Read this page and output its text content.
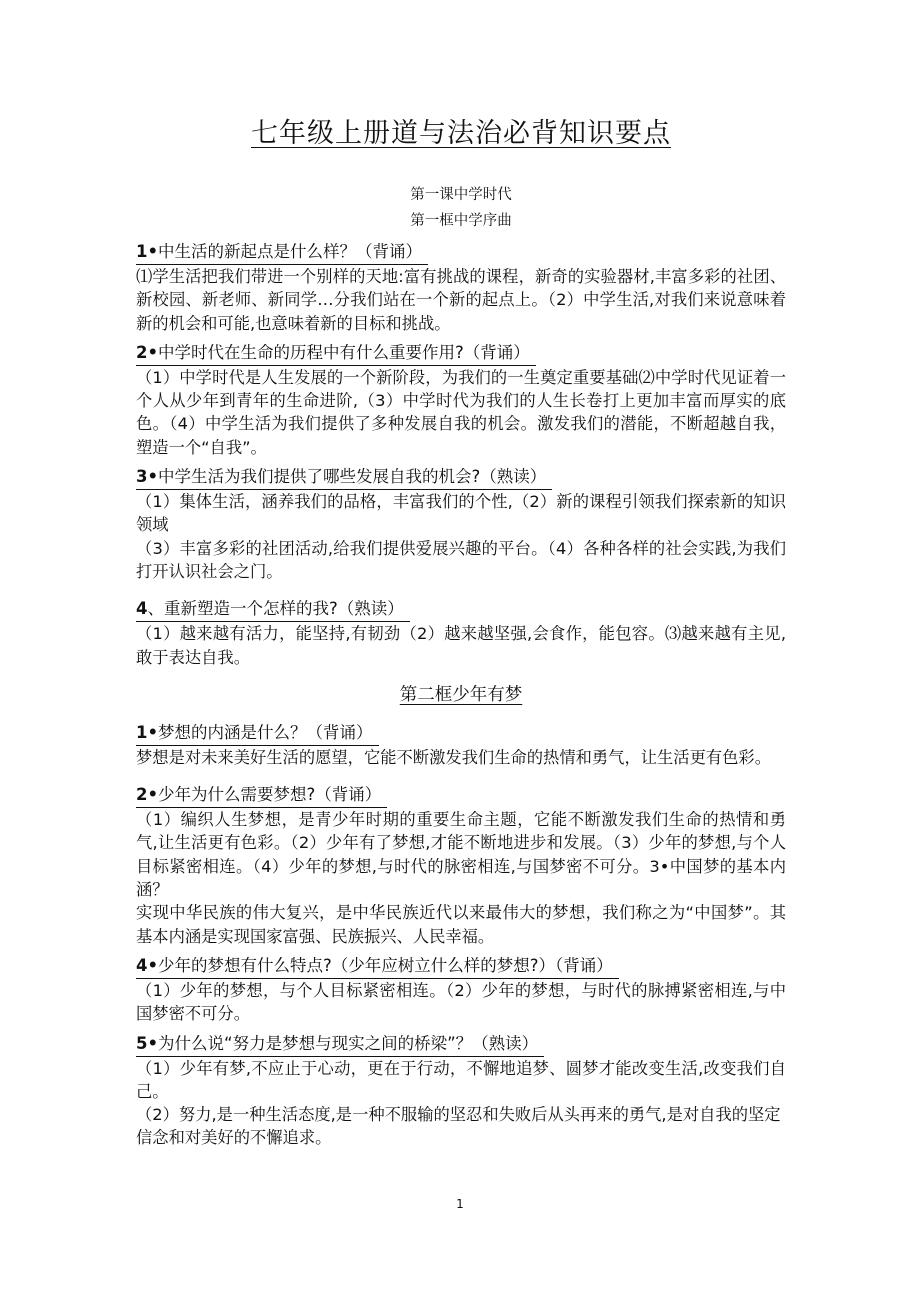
七年级上册道与法治必背知识要点
第一课中学时代
第一框中学序曲
1•中生活的新起点是什么样？（背诵）
⑴学生活把我们带进一个别样的天地:富有挑战的课程，新奇的实验器材,丰富多彩的社团、新校园、新老师、新同学…分我们站在一个新的起点上。（2）中学生活,对我们来说意味着新的机会和可能,也意味着新的目标和挑战。
2•中学时代在生命的历程中有什么重要作用?（背诵）
（1）中学时代是人生发展的一个新阶段，为我们的一生奠定重要基础⑵中学时代见证着一个人从少年到青年的生命进阶,（3）中学时代为我们的人生长卷打上更加丰富而厚实的底色。（4）中学生活为我们提供了多种发展自我的机会。激发我们的潜能，不断超越自我，塑造一个“自我”。
3•中学生活为我们提供了哪些发展自我的机会?（熟读）
（1）集体生活，涵养我们的品格，丰富我们的个性,（2）新的课程引领我们探索新的知识领域
（3）丰富多彩的社团活动,给我们提供爱展兴趣的平台。（4）各种各样的社会实践,为我们打开认识社会之门。
4、重新塑造一个怎样的我?（熟读）
（1）越来越有活力，能坚持,有韧劲（2）越来越坚强,会食作，能包容。⑶越来越有主见,敢于表达自我。
第二框少年有梦
1•梦想的内涵是什么？（背诵）
梦想是对未来美好生活的愿望，它能不断激发我们生命的热情和勇气，让生活更有色彩。
2•少年为什么需要梦想?（背诵）
（1）编织人生梦想，是青少年时期的重要生命主题，它能不断激发我们生命的热情和勇气,让生活更有色彩。（2）少年有了梦想,才能不断地进步和发展。（3）少年的梦想,与个人目标紧密相连。（4）少年的梦想,与时代的脉密相连,与国梦密不可分。3•中国梦的基本内涵？
实现中华民族的伟大复兴，是中华民族近代以来最伟大的梦想，我们称之为“中国梦”。其基本内涵是实现国家富强、民族振兴、人民幸福。
4•少年的梦想有什么特点?（少年应树立什么样的梦想?）（背诵）
（1）少年的梦想，与个人目标紧密相连。（2）少年的梦想，与时代的脉搏紧密相连,与中国梦密不可分。
5•为什么说“努力是梦想与现实之间的桥梁”？（熟读）
（1）少年有梦,不应止于心动，更在于行动，不懈地追梦、圆梦才能改变生活,改变我们自己。
（2）努力,是一种生活态度,是一种不服输的坚忍和失败后从头再来的勇气,是对自我的坚定
信念和对美好的不懈追求。
1
